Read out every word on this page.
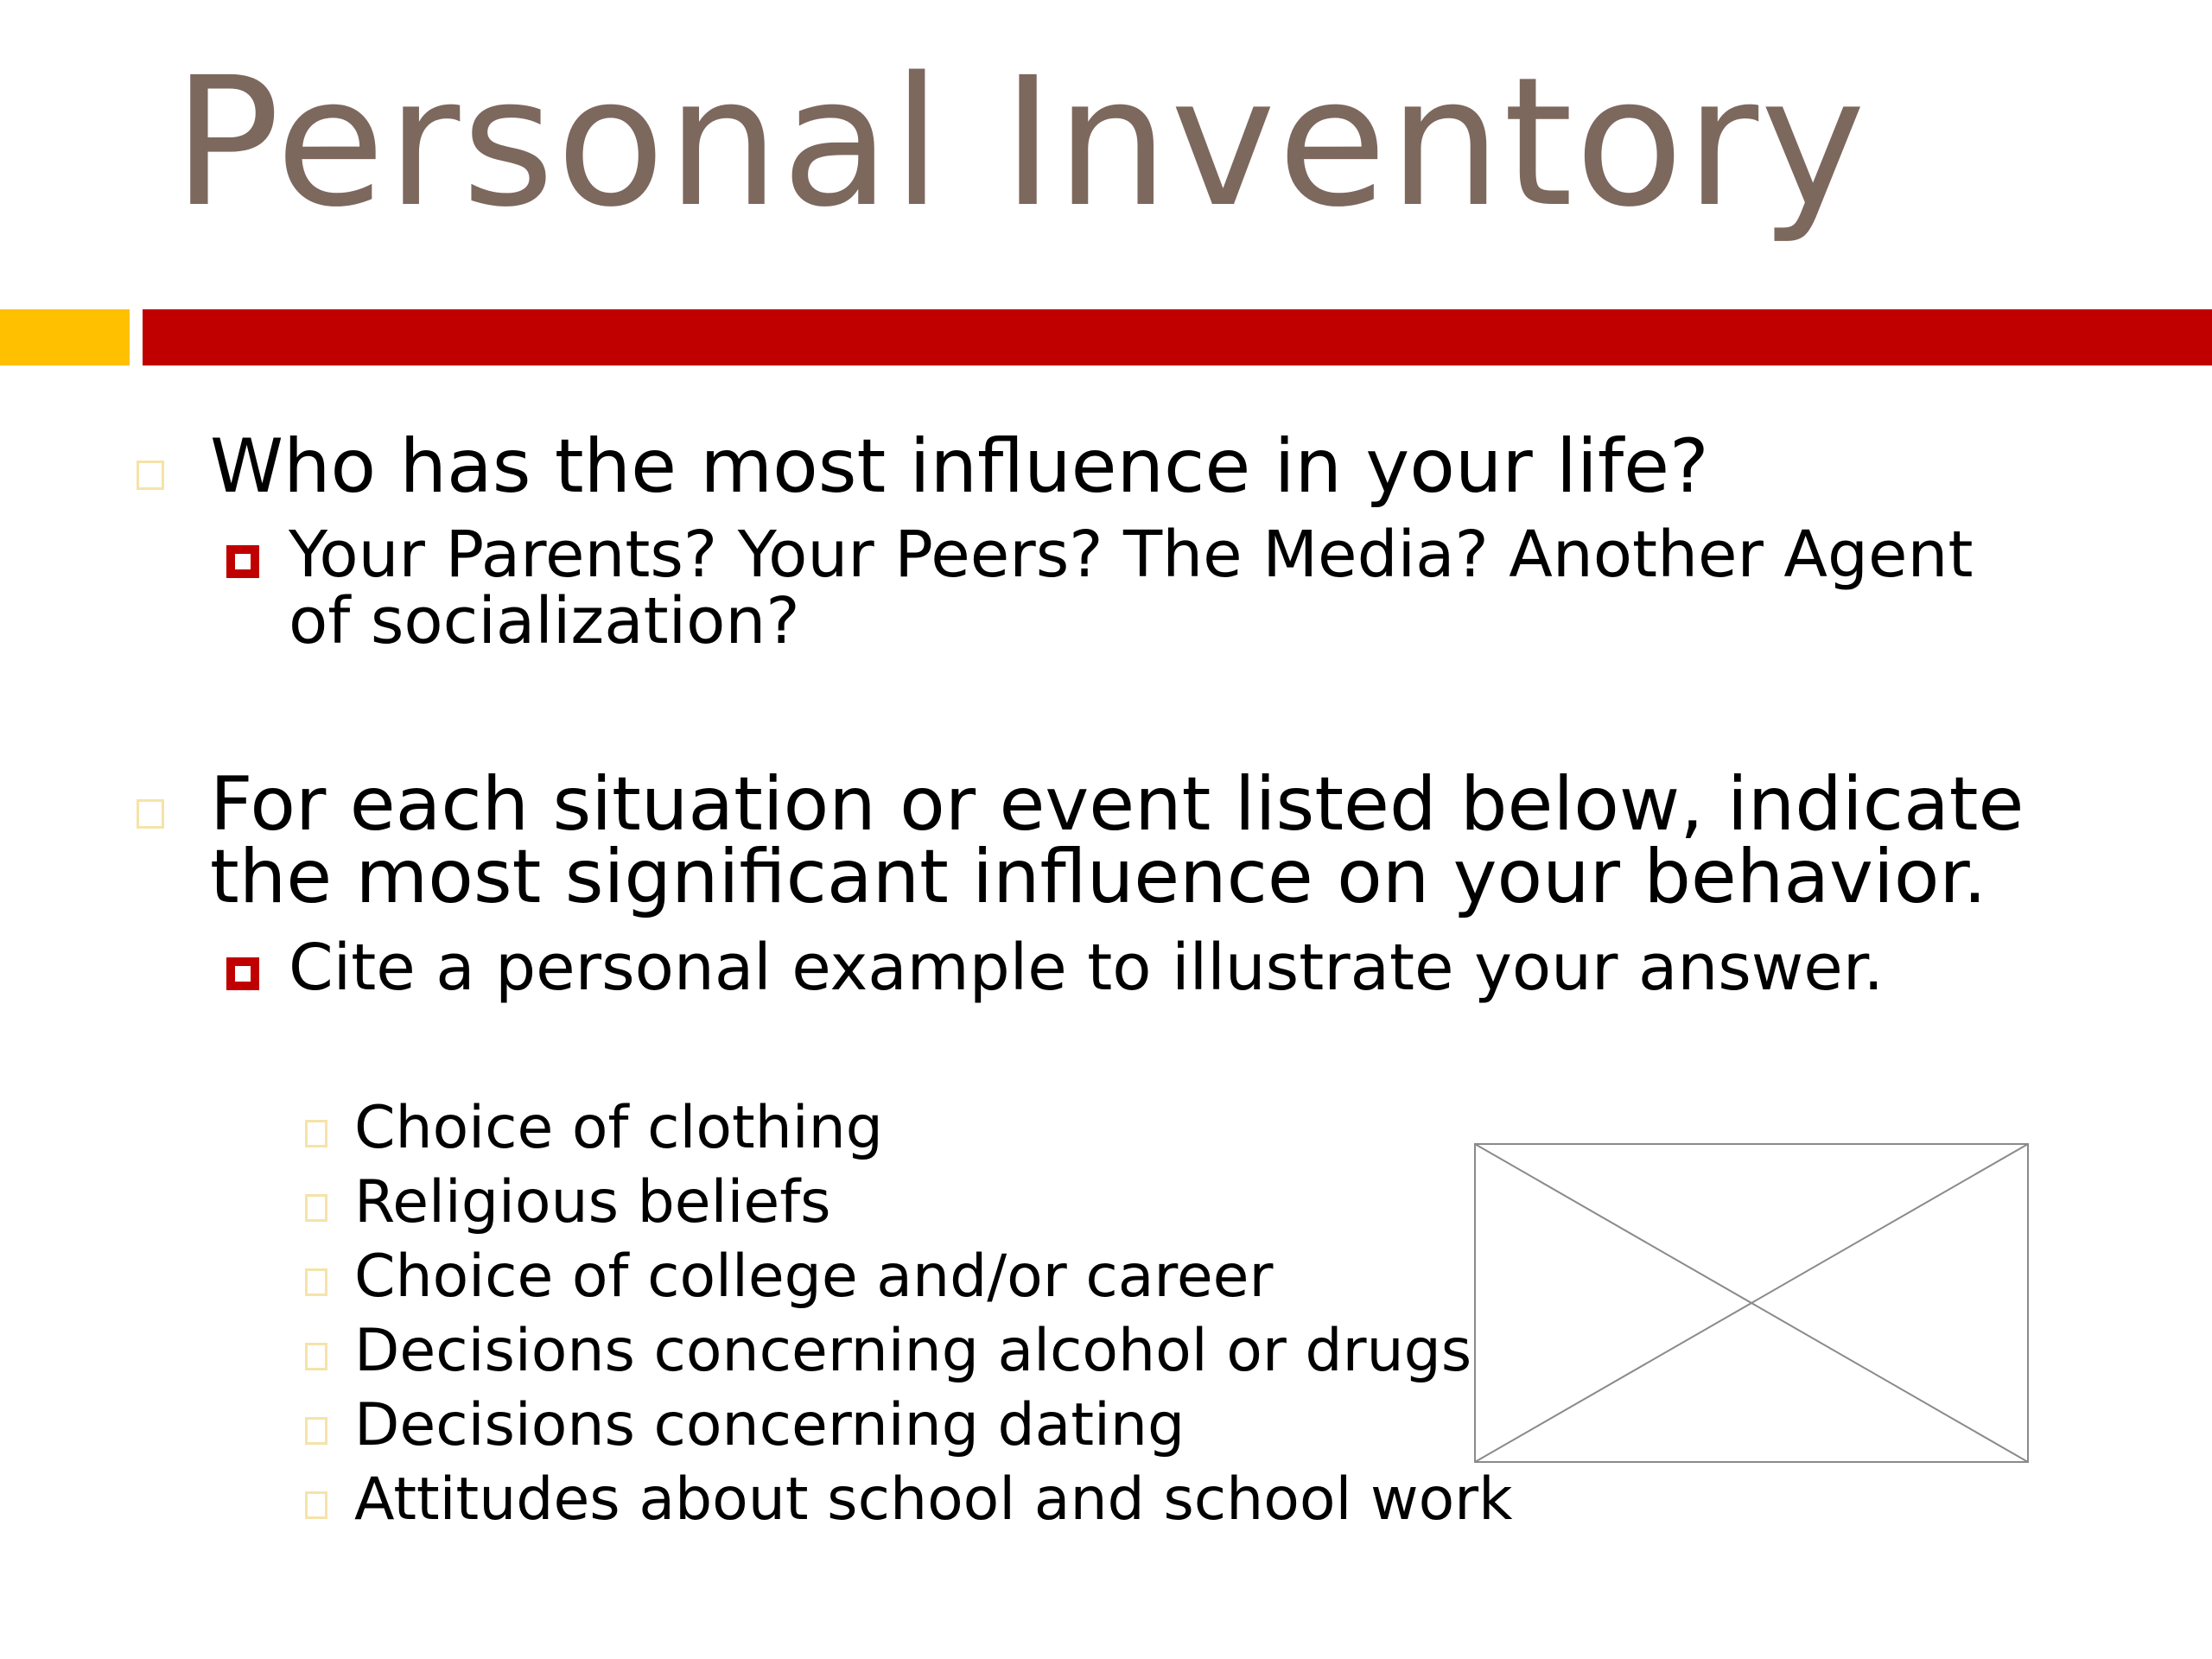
Personal Inventory
Who has the most influence in your life?
Your Parents? Your Peers? The Media? Another Agent
of socialization?
For each situation or event listed below, indicate
the most significant influence on your behavior.
Cite a personal example to illustrate your answer.
Choice of clothing
Religious beliefs
Choice of college and/or career
Decisions concerning alcohol or drugs
Decisions concerning dating
Attitudes about school and school work
